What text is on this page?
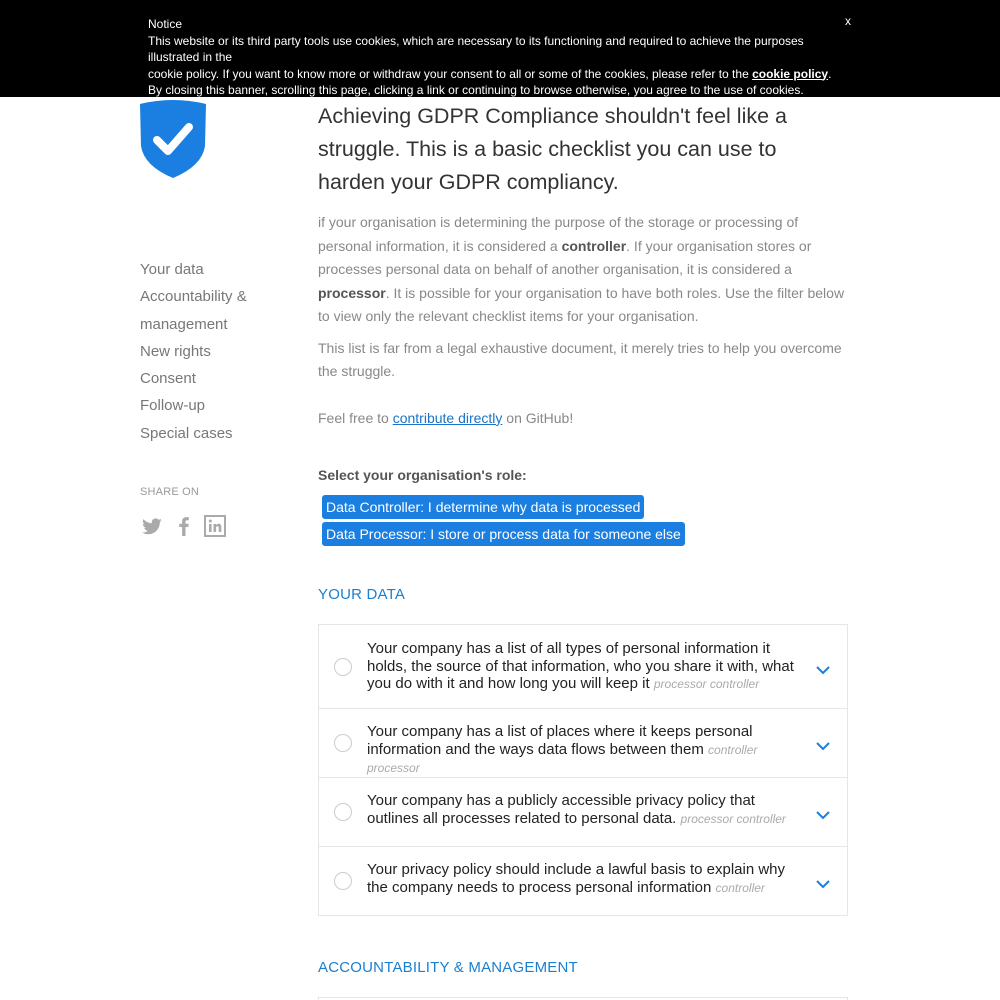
Notice

This website or its third party tools use cookies, which are necessary to its functioning and required to achieve the purposes illustrated in the

cookie policy. If you want to know more or withdraw your consent to all or some of the cookies, please refer to the cookie policy.

By closing this banner, scrolling this page, clicking a link or continuing to browse otherwise, you agree to the use of cookies.

x
Your data
Accountability &
management
New rights
Consent
Follow-up
Special cases
SHARE ON
Achieving GDPR Compliance shouldn't feel like a struggle. This is a basic checklist you can use to harden your GDPR compliancy.

if your organisation is determining the purpose of the storage or processing of personal information, it is considered a controller. If your organisation stores or processes personal data on behalf of another organisation, it is considered a processor. It is possible for your organisation to have both roles. Use the filter below to view only the relevant checklist items for your organisation.

This list is far from a legal exhaustive document, it merely tries to help you overcome the struggle.

Feel free to contribute directly on GitHub!

Select your organisation's role:
Data Controller: I determine why data is processed
Data Processor: I store or process data for someone else
YOUR DATA
Your company has a list of all types of personal information it holds, the source of that information, who you share it with, what you do with it and how long you will keep it processor controller
Your company has a list of places where it keeps personal information and the ways data flows between them controller processor
Your company has a publicly accessible privacy policy that outlines all processes related to personal data. processor controller
Your privacy policy should include a lawful basis to explain why the company needs to process personal information controller
ACCOUNTABILITY & MANAGEMENT
